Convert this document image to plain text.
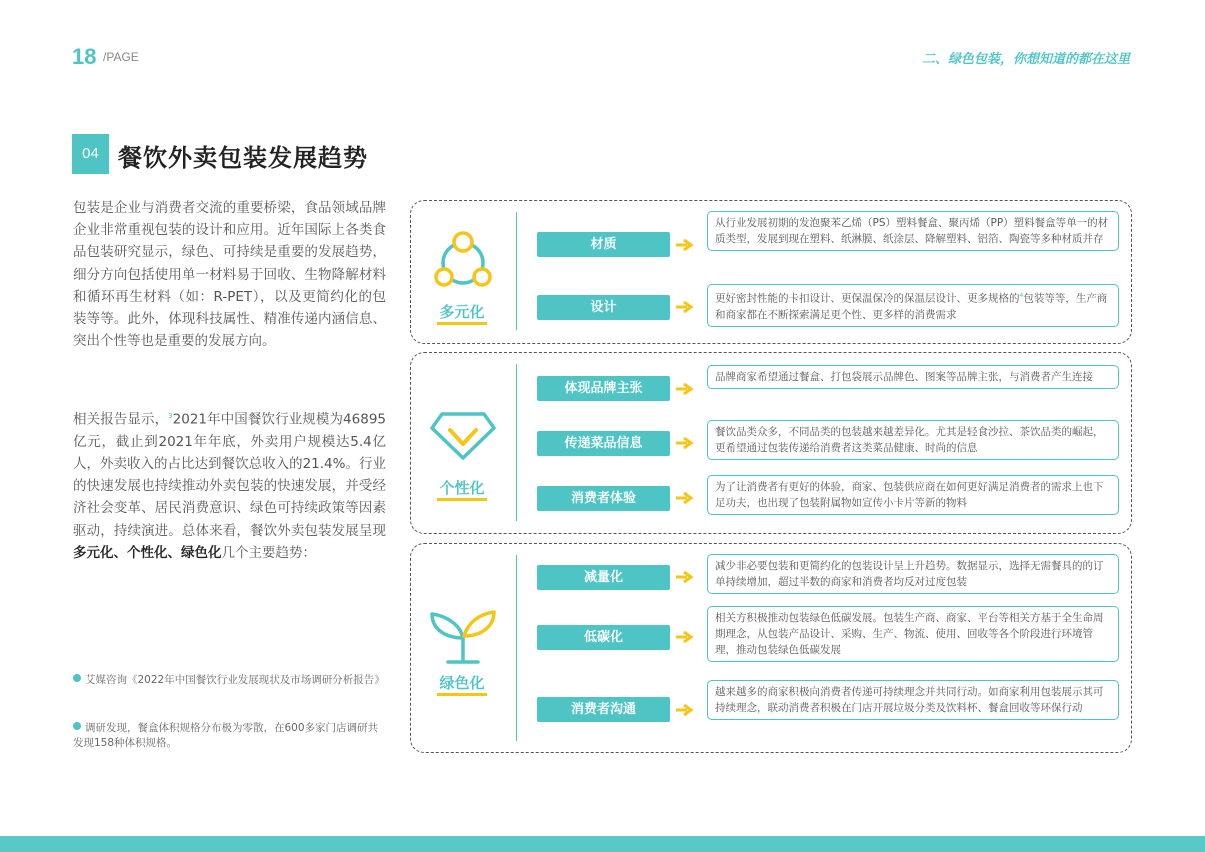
18 /PAGE	二、绿色包装，你想知道的都在这里
04 餐饮外卖包装发展趋势
包装是企业与消费者交流的重要桥梁，食品领域品牌企业非常重视包装的设计和应用。近年国际上各类食品包装研究显示，绿色、可持续是重要的发展趋势，细分方向包括使用单一材料易于回收、生物降解材料和循环再生材料（如：R-PET），以及更简约化的包装等等。此外，体现科技属性、精准传递内涵信息、突出个性等也是重要的发展方向。
相关报告显示，$^3$2021年中国餐饮行业规模为46895亿元，截止到2021年年底，外卖用户规模达5.4亿人，外卖收入的占比达到餐饮总收入的21.4%。行业的快速发展也持续推动外卖包装的快速发展，并受经济社会变革、居民消费意识、绿色可持续政策等因素驱动，持续演进。总体来看，餐饮外卖包装发展呈现多元化、个性化、绿色化几个主要趋势：
艾媒咨询《2022年中国餐饮行业发展现状及市场调研分析报告》
调研发现，餐盒体积规格分布极为零散，在600多家门店调研共发现158种体积规格。
多元化
材质
从行业发展初期的发泡聚苯乙烯（PS）塑料餐盒、聚丙烯（PP）塑料餐盒等单一的材质类型，发展到现在塑料、纸淋膜、纸涂层、降解塑料、铝箔、陶瓷等多种材质并存
设计
更好密封性能的卡扣设计、更保温保冷的保温层设计、更多规格的$^4$包装等等，生产商和商家都在不断探索满足更个性、更多样的消费需求
个性化
体现品牌主张
品牌商家希望通过餐盒、打包袋展示品牌色、图案等品牌主张，与消费者产生连接
传递菜品信息
餐饮品类众多，不同品类的包装越来越差异化。尤其是轻食沙拉、茶饮品类的崛起，更希望通过包装传递给消费者这类菜品健康、时尚的信息
消费者体验
为了让消费者有更好的体验，商家、包装供应商在如何更好满足消费者的需求上也下足功夫，也出现了包装附属物如宣传小卡片等新的物料
绿色化
减量化
减少非必要包装和更简约化的包装设计呈上升趋势。数据显示，选择无需餐具的的订单持续增加，超过半数的商家和消费者均反对过度包装
低碳化
相关方积极推动包装绿色低碳发展。包装生产商、商家、平台等相关方基于全生命周期理念，从包装产品设计、采购、生产、物流、使用、回收等各个阶段进行环境管理，推动包装绿色低碳发展
消费者沟通
越来越多的商家积极向消费者传递可持续理念并共同行动。如商家利用包装展示其可持续理念，联动消费者积极在门店开展垃圾分类及饮料杯、餐盒回收等环保行动
